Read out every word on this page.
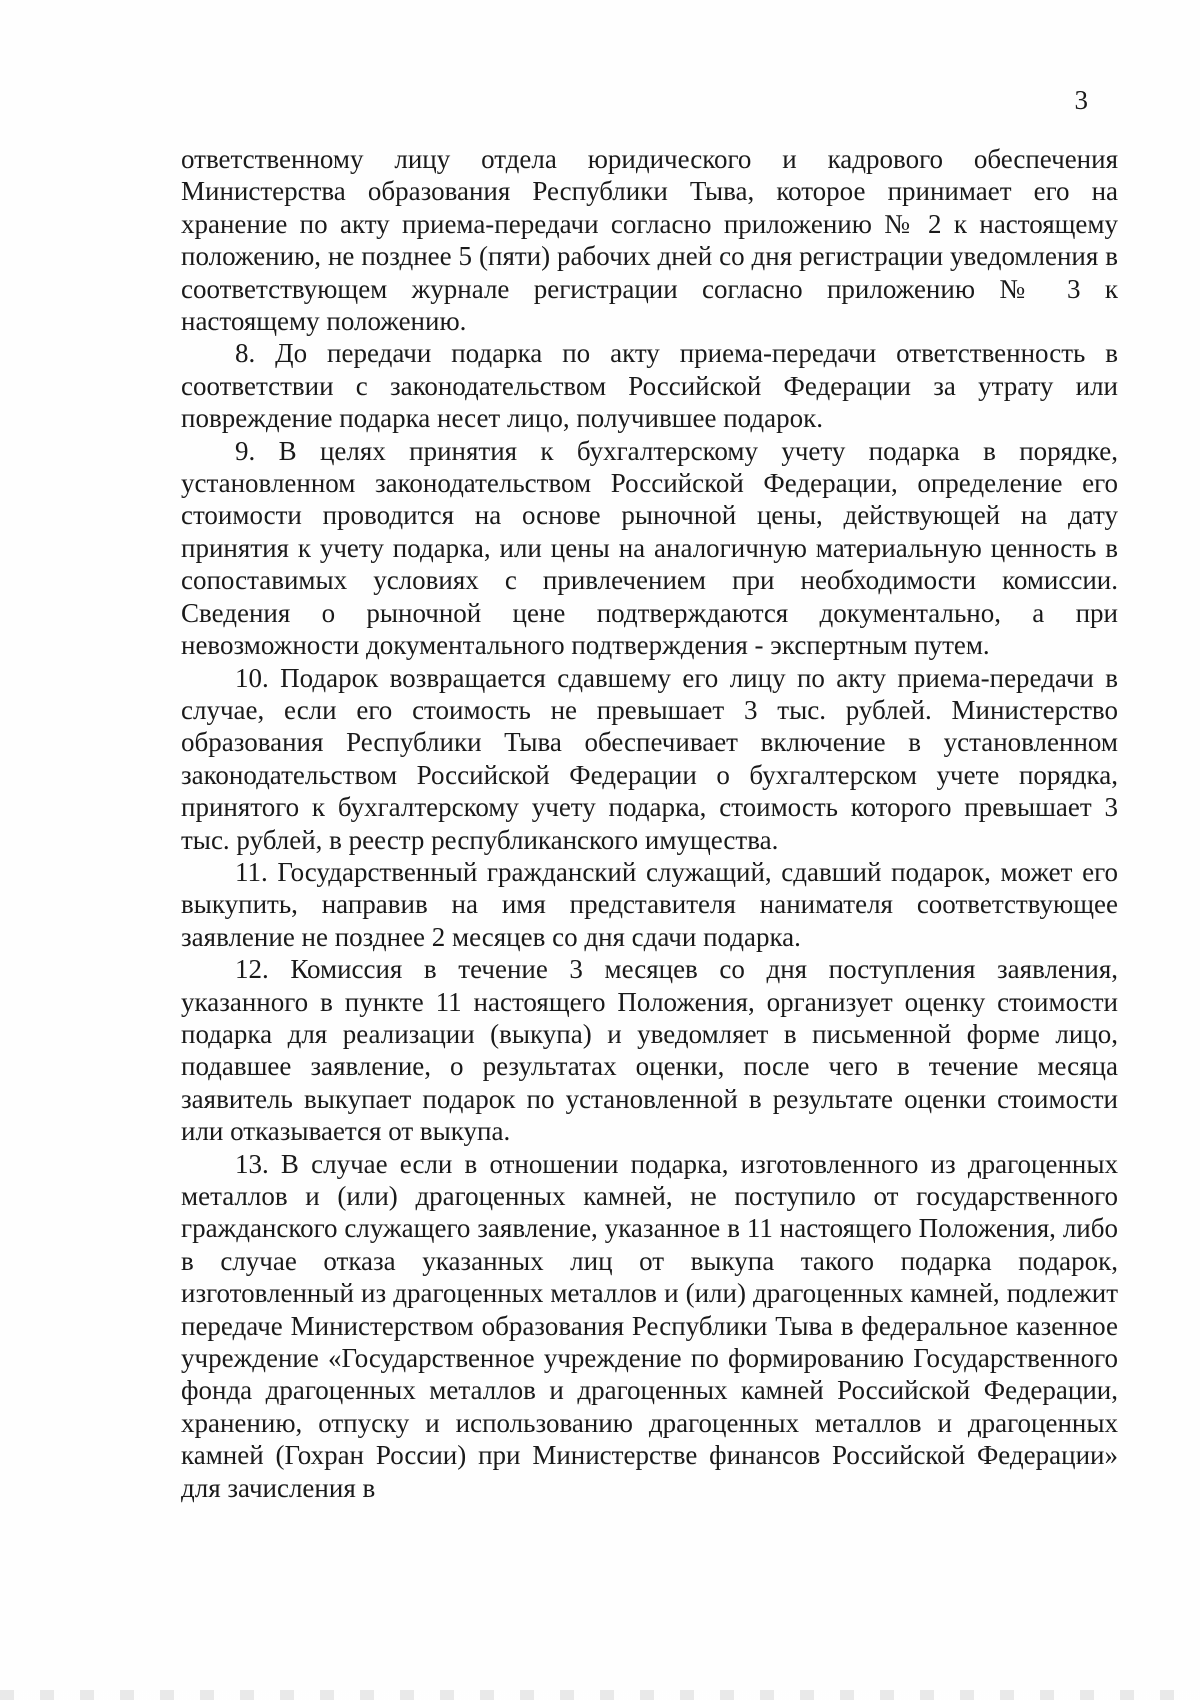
3

ответственному лицу отдела юридического и кадрового обеспечения Министерства образования Республики Тыва, которое принимает его на хранение по акту приема-передачи согласно приложению № 2 к настоящему положению, не позднее 5 (пяти) рабочих дней со дня регистрации уведомления в соответствующем журнале регистрации согласно приложению № 3 к настоящему положению.

8. До передачи подарка по акту приема-передачи ответственность в соответствии с законодательством Российской Федерации за утрату или повреждение подарка несет лицо, получившее подарок.

9. В целях принятия к бухгалтерскому учету подарка в порядке, установленном законодательством Российской Федерации, определение его стоимости проводится на основе рыночной цены, действующей на дату принятия к учету подарка, или цены на аналогичную материальную ценность в сопоставимых условиях с привлечением при необходимости комиссии. Сведения о рыночной цене подтверждаются документально, а при невозможности документального подтверждения - экспертным путем.

10. Подарок возвращается сдавшему его лицу по акту приема-передачи в случае, если его стоимость не превышает 3 тыс. рублей. Министерство образования Республики Тыва обеспечивает включение в установленном законодательством Российской Федерации о бухгалтерском учете порядка, принятого к бухгалтерскому учету подарка, стоимость которого превышает 3 тыс. рублей, в реестр республиканского имущества.

11. Государственный гражданский служащий, сдавший подарок, может его выкупить, направив на имя представителя нанимателя соответствующее заявление не позднее 2 месяцев со дня сдачи подарка.

12. Комиссия в течение 3 месяцев со дня поступления заявления, указанного в пункте 11 настоящего Положения, организует оценку стоимости подарка для реализации (выкупа) и уведомляет в письменной форме лицо, подавшее заявление, о результатах оценки, после чего в течение месяца заявитель выкупает подарок по установленной в результате оценки стоимости или отказывается от выкупа.

13. В случае если в отношении подарка, изготовленного из драгоценных металлов и (или) драгоценных камней, не поступило от государственного гражданского служащего заявление, указанное в 11 настоящего Положения, либо в случае отказа указанных лиц от выкупа такого подарка подарок, изготовленный из драгоценных металлов и (или) драгоценных камней, подлежит передаче Министерством образования Республики Тыва в федеральное казенное учреждение «Государственное учреждение по формированию Государственного фонда драгоценных металлов и драгоценных камней Российской Федерации, хранению, отпуску и использованию драгоценных металлов и драгоценных камней (Гохран России) при Министерстве финансов Российской Федерации» для зачисления в
